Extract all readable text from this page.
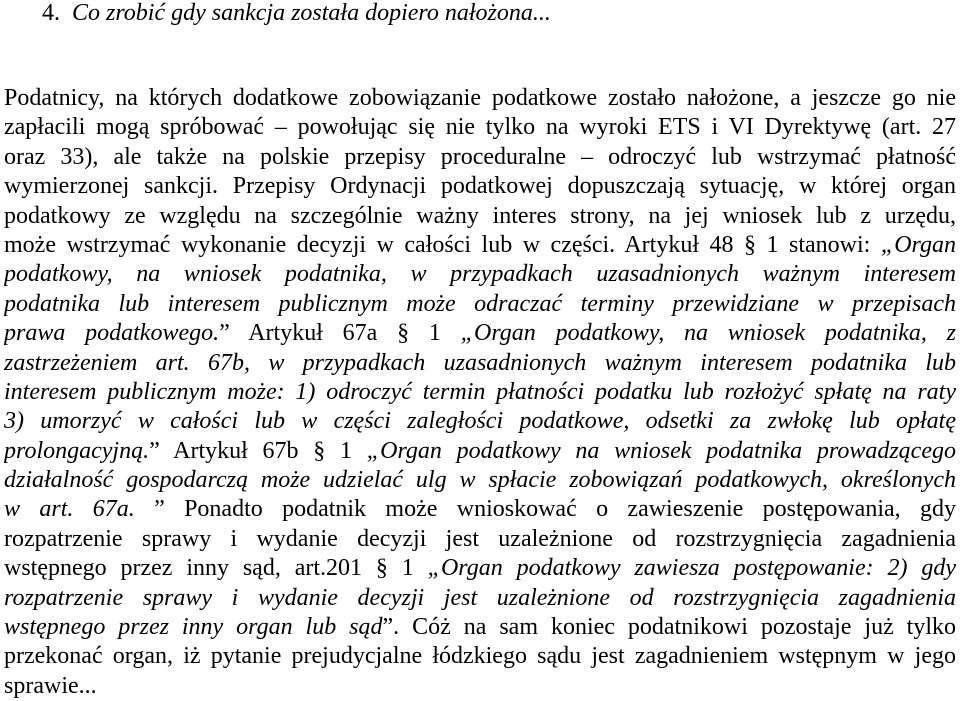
4. Co zrobić gdy sankcja została dopiero nałożona...
Podatnicy, na których dodatkowe zobowiązanie podatkowe zostało nałożone, a jeszcze go nie
zapłacili mogą spróbować – powołując się nie tylko na wyroki ETS i VI Dyrektywę (art. 27
oraz 33), ale także na polskie przepisy proceduralne – odroczyć lub wstrzymać płatność
wymierzonej sankcji. Przepisy Ordynacji podatkowej dopuszczają sytuację, w której organ
podatkowy ze względu na szczególnie ważny interes strony, na jej wniosek lub z urzędu,
może wstrzymać wykonanie decyzji w całości lub w części. Artykuł 48 § 1 stanowi: „Organ
podatkowy, na wniosek podatnika, w przypadkach uzasadnionych ważnym interesem
podatnika lub interesem publicznym może odraczać terminy przewidziane w przepisach
prawa podatkowego.” Artykuł 67a § 1 „Organ podatkowy, na wniosek podatnika, z
zastrzeżeniem art. 67b, w przypadkach uzasadnionych ważnym interesem podatnika lub
interesem publicznym może: 1) odroczyć termin płatności podatku lub rozłożyć spłatę na raty
3) umorzyć w całości lub w części zaległości podatkowe, odsetki za zwłokę lub opłatę
prolongacyjną.” Artykuł 67b § 1 „Organ podatkowy na wniosek podatnika prowadzącego
działalność gospodarczą może udzielać ulg w spłacie zobowiązań podatkowych, określonych
w art. 67a. ” Ponadto podatnik może wnioskować o zawieszenie postępowania, gdy
rozpatrzenie sprawy i wydanie decyzji jest uzależnione od rozstrzygnięcia zagadnienia
wstępnego przez inny sąd, art.201 § 1 „Organ podatkowy zawiesza postępowanie: 2) gdy
rozpatrzenie sprawy i wydanie decyzji jest uzależnione od rozstrzygnięcia zagadnienia
wstępnego przez inny organ lub sąd”. Cóż na sam koniec podatnikowi pozostaje już tylko
przekonać organ, iż pytanie prejudycjalne łódzkiego sądu jest zagadnieniem wstępnym w jego
sprawie...
